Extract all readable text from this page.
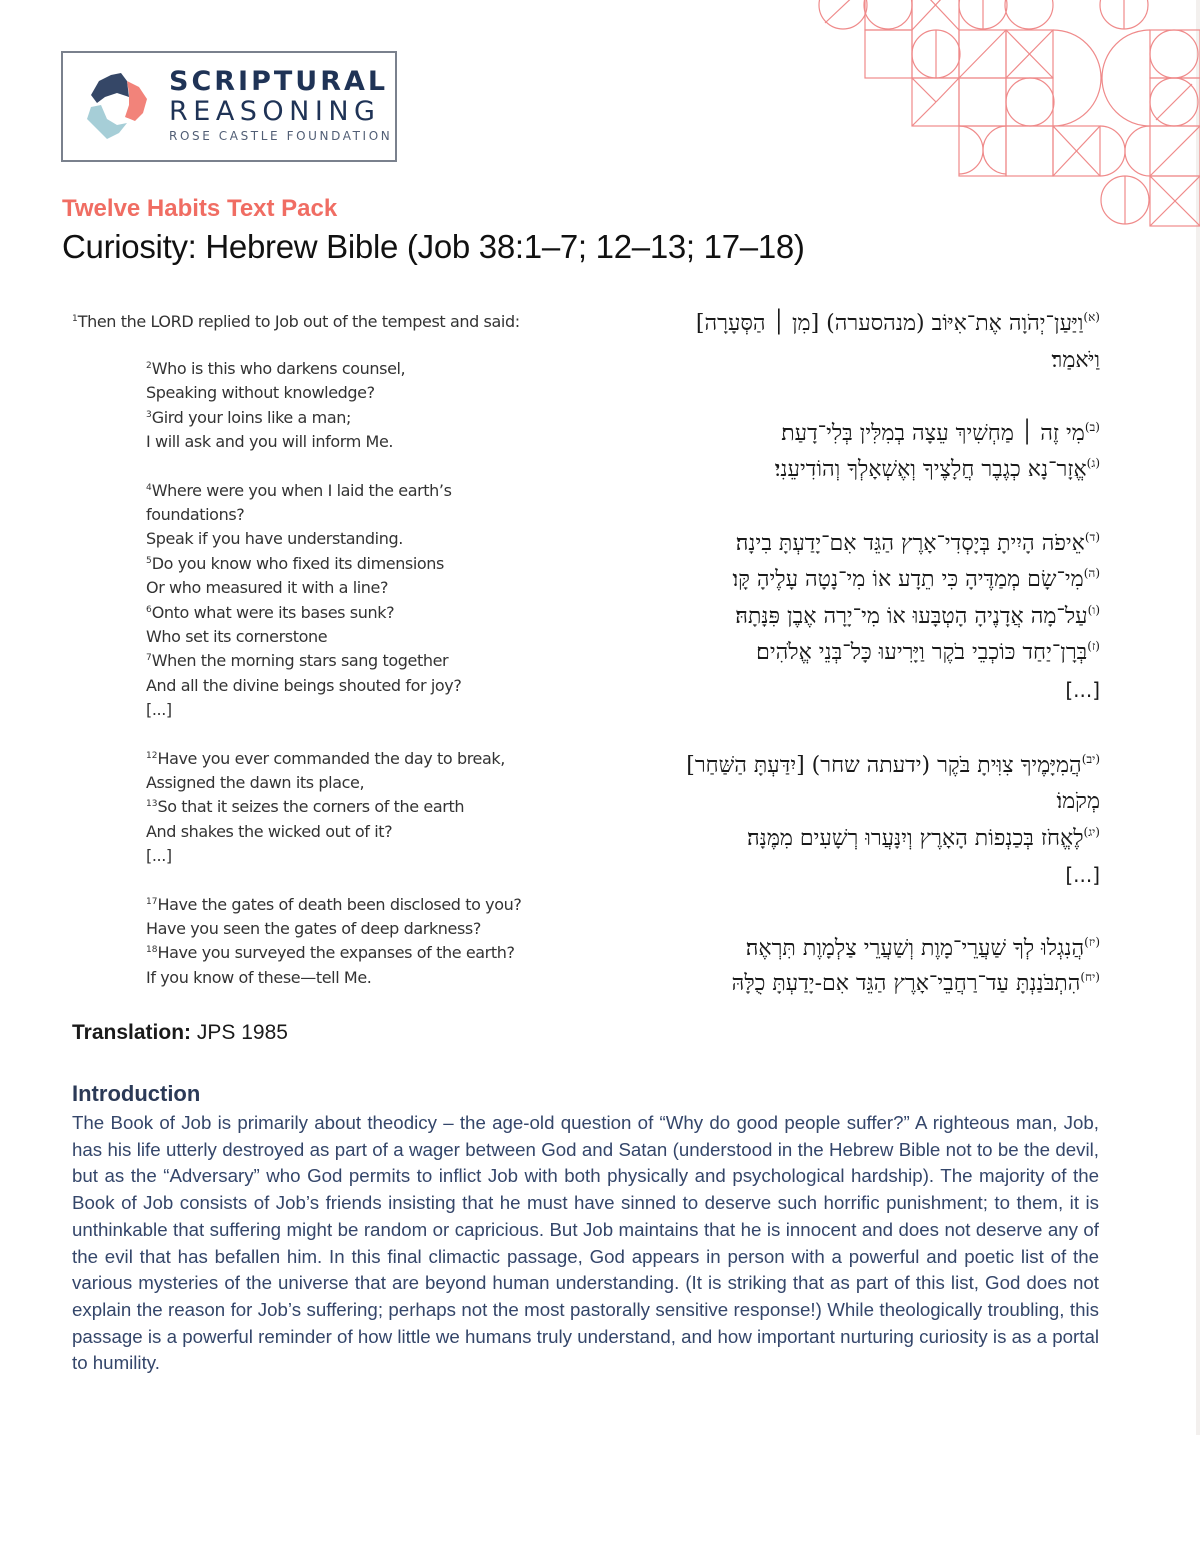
SCRIPTURAL
REASONING
ROSE CASTLE FOUNDATION
Twelve Habits Text Pack
Curiosity: Hebrew Bible (Job 38:1–7; 12–13; 17–18)
$^1$Then the LORD replied to Job out of the tempest and said:
$^2$Who is this who darkens counsel,
Speaking without knowledge?
$^3$Gird your loins like a man;
I will ask and you will inform Me.
$^4$Where were you when I laid the earth’s
foundations?
Speak if you have understanding.
$^5$Do you know who fixed its dimensions
Or who measured it with a line?
$^6$Onto what were its bases sunk?
Who set its cornerstone
$^7$When the morning stars sang together
And all the divine beings shouted for joy?
[...]
$^{12}$Have you ever commanded the day to break,
Assigned the dawn its place,
$^{13}$So that it seizes the corners of the earth
And shakes the wicked out of it?
[...]
$^{17}$Have the gates of death been disclosed to you?
Have you seen the gates of deep darkness?
$^{18}$Have you surveyed the expanses of the earth?
If you know of these—tell Me.
$^{(א)}$וַיַּעַן־יְהֹוָה אֶת־אִיּוֹב (מנהסערה) [מִן ׀ הַסְּעָרָה]
וַיֹּאמַר׃
$^{(ב)}$מִי זֶה ׀ מַחְשִׁיךְ עֵצָה בְמִלִּין בְּלִי־דָעַת׃
$^{(ג)}$אֱזָר־נָא כְגֶבֶר חֲלָצֶיךָ וְאֶשְׁאָלְךָ וְהוֹדִיעֵנִי׃
$^{(ד)}$אֵיפֹה הָיִיתָ בְּיָסְדִי־אָרֶץ הַגֵּד אִם־יָדַעְתָּ בִינָה׃
$^{(ה)}$מִי־שָׂם מְמַדֶּיהָ כִּי תֵדָע אוֹ מִי־נָטָה עָלֶיהָ קָּו׃
$^{(ו)}$עַל־מָה אֲדָנֶיהָ הָטְבָּעוּ אוֹ מִי־יָרָה אֶבֶן פִּנָּתָהּ׃
$^{(ז)}$בְּרָן־יַחַד כּוֹכְבֵי בֹקֶר וַיָּרִיעוּ כָּל־בְּנֵי אֱלֹהִים׃
[...]
$^{(יב)}$הֲמִיָּמֶיךָ צִוִּיתָ בֹּקֶר (ידעתה שחר) [יִדַּעְתָּ הַשַּׁחַר]
מְקֹמוֹ׃
$^{(יג)}$לֶאֱחֹז בְּכַנְפוֹת הָאָרֶץ וְיִנָּעֲרוּ רְשָׁעִים מִמֶּנָּה׃
[...]
$^{(יז)}$הֲנִגְלוּ לְךָ שַׁעֲרֵי־מָוֶת וְשַׁעֲרֵי צַלְמָוֶת תִּרְאֶה׃
$^{(יח)}$הִתְבֹּנַנְתָּ עַד־רַחֲבֵי־אָרֶץ הַגֵּד אִם-יָדַעְתָּ כֻלָּהּ
Translation: JPS 1985
Introduction

The Book of Job is primarily about theodicy – the age-old question of “Why do good people suffer?” A righteous man, Job, has his life utterly destroyed as part of a wager between God and Satan (understood in the Hebrew Bible not to be the devil, but as the “Adversary” who God permits to inflict Job with both physically and psychological hardship). The majority of the Book of Job consists of Job’s friends insisting that he must have sinned to deserve such horrific punishment; to them, it is unthinkable that suffering might be random or capricious. But Job maintains that he is innocent and does not deserve any of the evil that has befallen him. In this final climactic passage, God appears in person with a powerful and poetic list of the various mysteries of the universe that are beyond human understanding. (It is striking that as part of this list, God does not explain the reason for Job’s suffering; perhaps not the most pastorally sensitive response!) While theologically troubling, this passage is a powerful reminder of how little we humans truly understand, and how important nurturing curiosity is as a portal to humility.
